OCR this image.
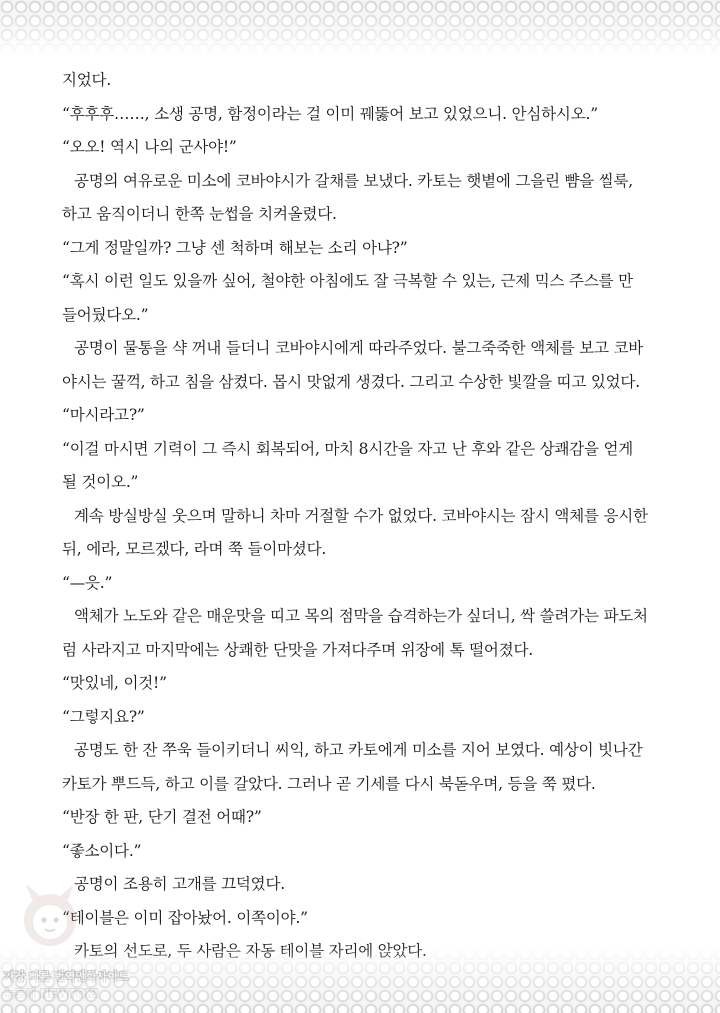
지었다.
“후후후……, 소생 공명, 함정이라는 걸 이미 꿰뚫어 보고 있었으니. 안심하시오.”
“오오! 역시 나의 군사야!”
공명의 여유로운 미소에 코바야시가 갈채를 보냈다. 카토는 햇볕에 그을린 뺨을 씰룩,
하고 움직이더니 한쪽 눈썹을 치켜올렸다.
“그게 정말일까? 그냥 센 척하며 해보는 소리 아냐?”
“혹시 이런 일도 있을까 싶어, 철야한 아침에도 잘 극복할 수 있는, 근제 믹스 주스를 만
들어뒀다오.”
공명이 물통을 샥 꺼내 들더니 코바야시에게 따라주었다. 불그죽죽한 액체를 보고 코바
야시는 꿀꺽, 하고 침을 삼켰다. 몹시 맛없게 생겼다. 그리고 수상한 빛깔을 띠고 있었다.
“마시라고?”
“이걸 마시면 기력이 그 즉시 회복되어, 마치 8시간을 자고 난 후와 같은 상쾌감을 얻게
될 것이오.”
계속 방실방실 웃으며 말하니 차마 거절할 수가 없었다. 코바야시는 잠시 액체를 응시한
뒤, 에라, 모르겠다, 라며 쭉 들이마셨다.
“—읏.”
액체가 노도와 같은 매운맛을 띠고 목의 점막을 습격하는가 싶더니, 싹 쓸려가는 파도처
럼 사라지고 마지막에는 상쾌한 단맛을 가져다주며 위장에 톡 떨어졌다.
“맛있네, 이것!”
“그렇지요?”
공명도 한 잔 쭈욱 들이키더니 씨익, 하고 카토에게 미소를 지어 보였다. 예상이 빗나간
카토가 뿌드득, 하고 이를 갈았다. 그러나 곧 기세를 다시 북돋우며, 등을 쭉 폈다.
“반장 한 판, 단기 결전 어때?”
“좋소이다.”
공명이 조용히 고개를 끄덕였다.
“테이블은 이미 잡아놨어. 이쪽이야.”
